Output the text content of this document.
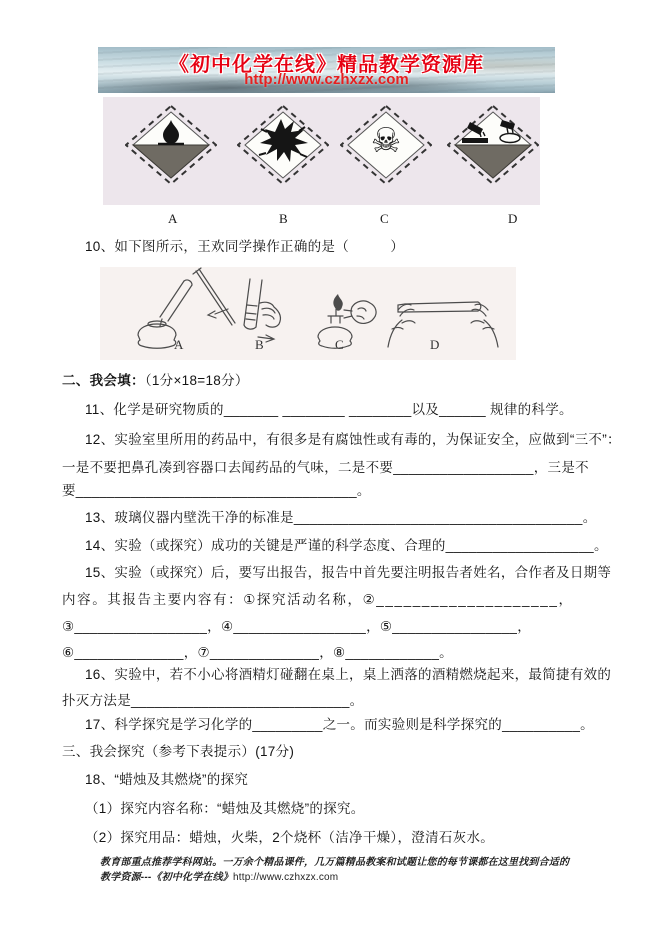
《初中化学在线》精品教学资源库
http://www.czhxzx.com
☠
A	B	C	D
10、如下图所示，王欢同学操作正确的是（　　　）
A	B	C	D
二、我会填：（1分×18=18分）
11、化学是研究物质的_______ ________ ________以及______ 规律的科学。
12、实验室里所用的药品中，有很多是有腐蚀性或有毒的，为保证安全，应做到“三不”：
一是不要把鼻孔凑到容器口去闻药品的气味，二是不要__________________，三是不
要____________________________________。
13、玻璃仪器内壁洗干净的标准是_____________________________________。
14、实验（或探究）成功的关键是严谨的科学态度、合理的___________________。
15、实验（或探究）后，要写出报告，报告中首先要注明报告者姓名，合作者及日期等
内容。其报告主要内容有：①探究活动名称，②____________________，
③_________________，④_________________，⑤________________，
⑥______________，⑦______________，⑧____________。
16、实验中，若不小心将酒精灯碰翻在桌上，桌上洒落的酒精燃烧起来，最简捷有效的
扑灭方法是____________________________。
17、科学探究是学习化学的_________之一。而实验则是科学探究的__________。
三、我会探究（参考下表提示）(17分)
18、“蜡烛及其燃烧”的探究
（1）探究内容名称：“蜡烛及其燃烧”的探究。
（2）探究用品：蜡烛，火柴，2个烧杯（洁净干燥），澄清石灰水。
教育部重点推荐学科网站。一万余个精品课件，几万篇精品教案和试题让您的每节课都在这里找到合适的
教学资源---《初中化学在线》http://www.czhxzx.com
